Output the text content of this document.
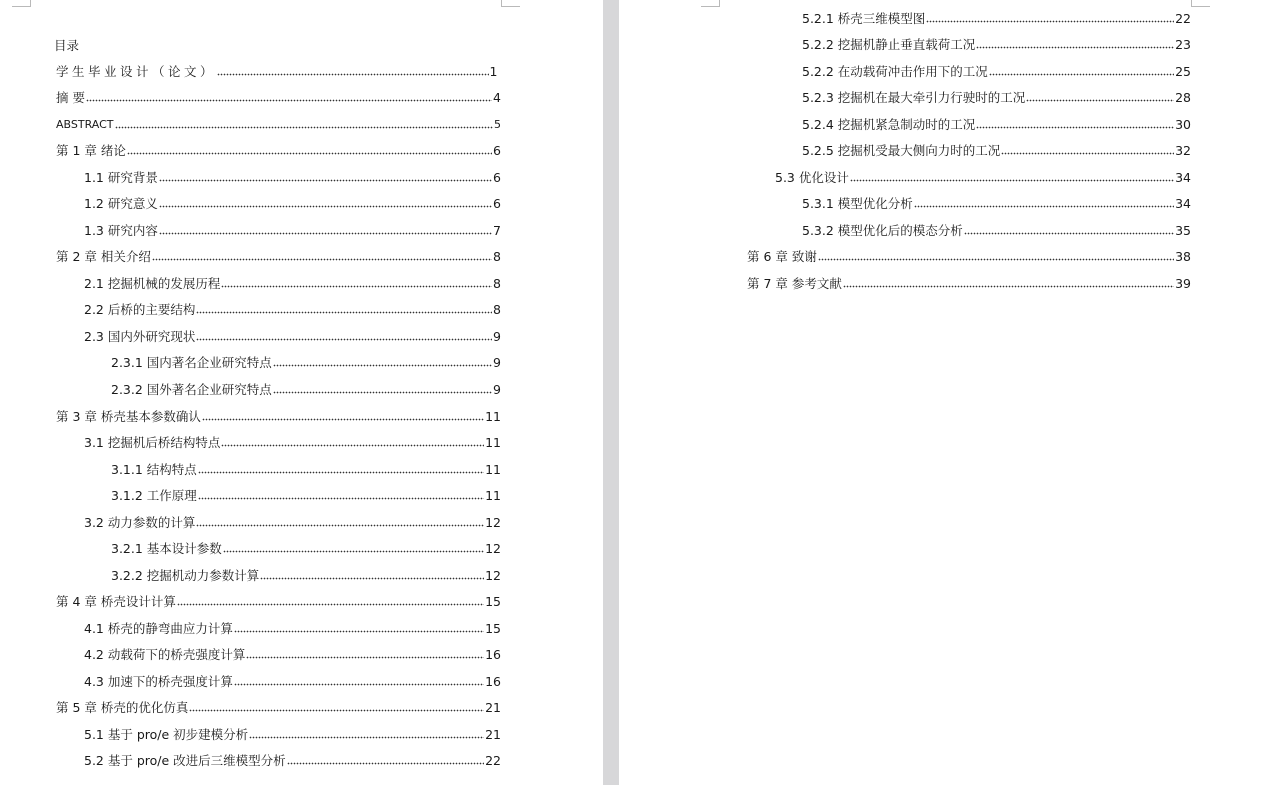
目录
学生毕业设计（论文）	1
摘 要	4
ABSTRACT	5
第 1 章 绪论	6
1.1 研究背景	6
1.2 研究意义	6
1.3 研究内容	7
第 2 章 相关介绍	8
2.1 挖掘机械的发展历程	8
2.2 后桥的主要结构	8
2.3 国内外研究现状	9
2.3.1 国内著名企业研究特点	9
2.3.2 国外著名企业研究特点	9
第 3 章 桥壳基本参数确认	11
3.1 挖掘机后桥结构特点	11
3.1.1 结构特点	11
3.1.2 工作原理	11
3.2 动力参数的计算	12
3.2.1 基本设计参数	12
3.2.2 挖掘机动力参数计算	12
第 4 章 桥壳设计计算	15
4.1 桥壳的静弯曲应力计算	15
4.2 动载荷下的桥壳强度计算	16
4.3 加速下的桥壳强度计算	16
第 5 章 桥壳的优化仿真	21
5.1 基于 pro/e 初步建模分析	21
5.2 基于 pro/e 改进后三维模型分析	22
5.2.1 桥壳三维模型图	22
5.2.2 挖掘机静止垂直载荷工况	23
5.2.2 在动载荷冲击作用下的工况	25
5.2.3 挖掘机在最大牵引力行驶时的工况	28
5.2.4 挖掘机紧急制动时的工况	30
5.2.5 挖掘机受最大侧向力时的工况	32
5.3 优化设计	34
5.3.1 模型优化分析	34
5.3.2 模型优化后的模态分析	35
第 6 章 致谢	38
第 7 章 参考文献	39
